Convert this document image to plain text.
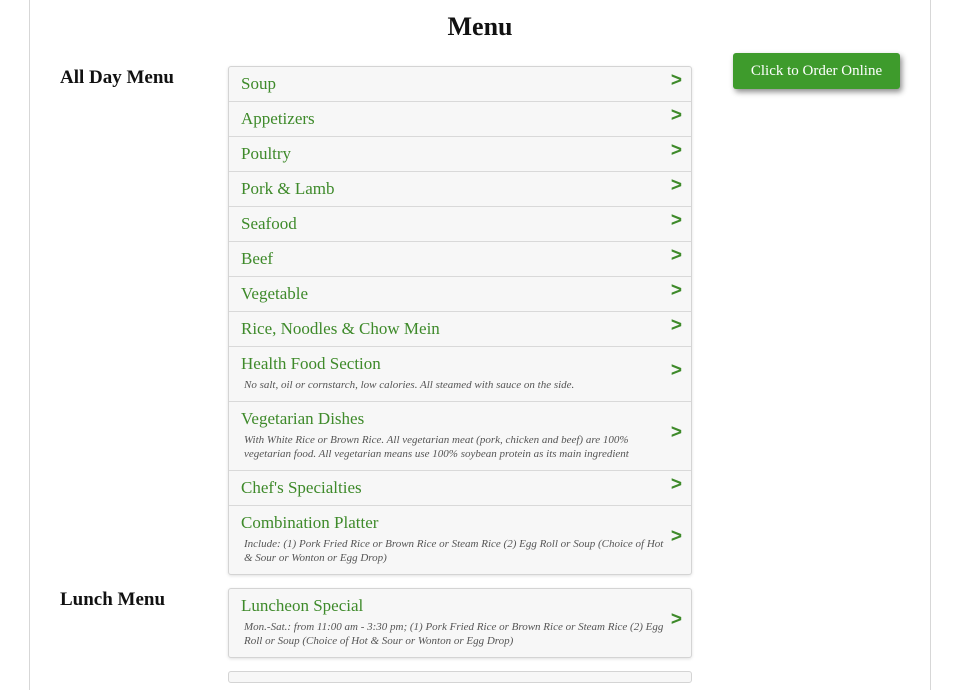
Menu
Click to Order Online
All Day Menu	Soup	>
Appetizers	>
Poultry	>
Pork & Lamb	>
Seafood	>
Beef	>
Vegetable	>
Rice, Noodles & Chow Mein	>
Health Food Section
No salt, oil or cornstarch, low calories. All steamed with sauce on the side.
>
Vegetarian Dishes
With White Rice or Brown Rice. All vegetarian meat (pork, chicken and beef) are 100% vegetarian food. All vegetarian means use 100% soybean protein as its main ingredient
>
Chef's Specialties	>
Combination Platter
Include: (1) Pork Fried Rice or Brown Rice or Steam Rice (2) Egg Roll or Soup (Choice of Hot & Sour or Wonton or Egg Drop)
>
Lunch Menu	Luncheon Special
Mon.-Sat.: from 11:00 am - 3:30 pm; (1) Pork Fried Rice or Brown Rice or Steam Rice (2) Egg Roll or Soup (Choice of Hot & Sour or Wonton or Egg Drop)
>
